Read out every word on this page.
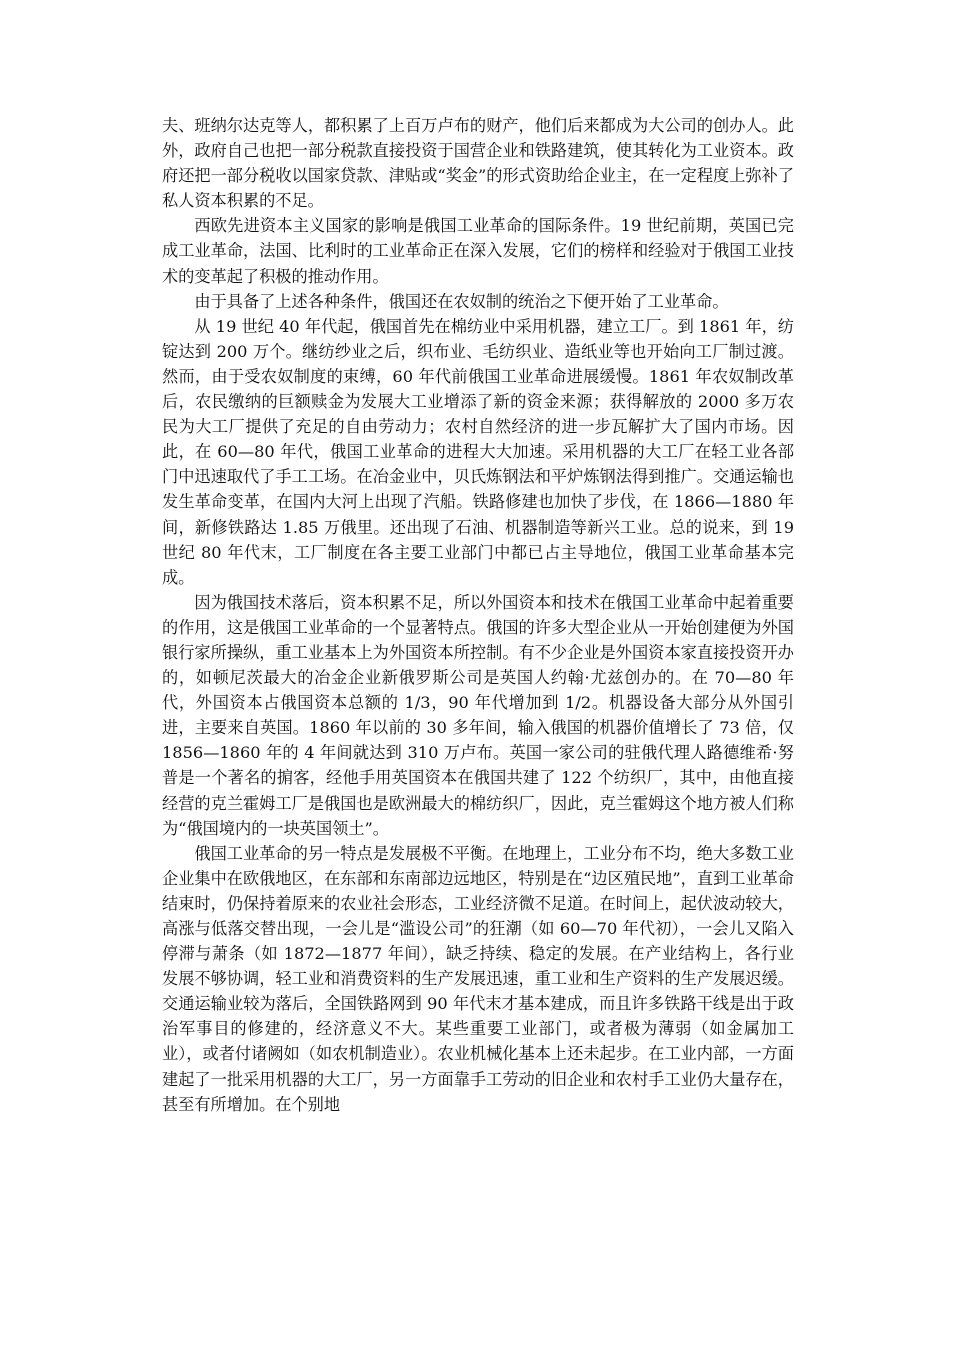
夫、班纳尔达克等人，都积累了上百万卢布的财产，他们后来都成为大公司的创办人。此外，政府自己也把一部分税款直接投资于国营企业和铁路建筑，使其转化为工业资本。政府还把一部分税收以国家贷款、津贴或“奖金”的形式资助给企业主，在一定程度上弥补了私人资本积累的不足。

西欧先进资本主义国家的影响是俄国工业革命的国际条件。19 世纪前期，英国已完成工业革命，法国、比利时的工业革命正在深入发展，它们的榜样和经验对于俄国工业技术的变革起了积极的推动作用。

由于具备了上述各种条件，俄国还在农奴制的统治之下便开始了工业革命。

从 19 世纪 40 年代起，俄国首先在棉纺业中采用机器，建立工厂。到 1861 年，纺锭达到 200 万个。继纺纱业之后，织布业、毛纺织业、造纸业等也开始向工厂制过渡。然而，由于受农奴制度的束缚，60 年代前俄国工业革命进展缓慢。1861 年农奴制改革后，农民缴纳的巨额赎金为发展大工业增添了新的资金来源；获得解放的 2000 多万农民为大工厂提供了充足的自由劳动力；农村自然经济的进一步瓦解扩大了国内市场。因此，在 60—80 年代，俄国工业革命的进程大大加速。采用机器的大工厂在轻工业各部门中迅速取代了手工工场。在冶金业中，贝氏炼钢法和平炉炼钢法得到推广。交通运输也发生革命变革，在国内大河上出现了汽船。铁路修建也加快了步伐，在 1866—1880 年间，新修铁路达 1.85 万俄里。还出现了石油、机器制造等新兴工业。总的说来，到 19 世纪 80 年代末，工厂制度在各主要工业部门中都已占主导地位，俄国工业革命基本完成。

因为俄国技术落后，资本积累不足，所以外国资本和技术在俄国工业革命中起着重要的作用，这是俄国工业革命的一个显著特点。俄国的许多大型企业从一开始创建便为外国银行家所操纵，重工业基本上为外国资本所控制。有不少企业是外国资本家直接投资开办的，如顿尼茨最大的冶金企业新俄罗斯公司是英国人约翰·尤兹创办的。在 70—80 年代，外国资本占俄国资本总额的 1/3，90 年代增加到 1/2。机器设备大部分从外国引进，主要来自英国。1860 年以前的 30 多年间，输入俄国的机器价值增长了 73 倍，仅 1856—1860 年的 4 年间就达到 310 万卢布。英国一家公司的驻俄代理人路德维希·努普是一个著名的掮客，经他手用英国资本在俄国共建了 122 个纺织厂，其中，由他直接经营的克兰霍姆工厂是俄国也是欧洲最大的棉纺织厂，因此，克兰霍姆这个地方被人们称为“俄国境内的一块英国领土”。

俄国工业革命的另一特点是发展极不平衡。在地理上，工业分布不均，绝大多数工业企业集中在欧俄地区，在东部和东南部边远地区，特别是在“边区殖民地”，直到工业革命结束时，仍保持着原来的农业社会形态，工业经济微不足道。在时间上，起伏波动较大，高涨与低落交替出现，一会儿是“滥设公司”的狂潮（如 60—70 年代初），一会儿又陷入停滞与萧条（如 1872—1877 年间），缺乏持续、稳定的发展。在产业结构上，各行业发展不够协调，轻工业和消费资料的生产发展迅速，重工业和生产资料的生产发展迟缓。交通运输业较为落后，全国铁路网到 90 年代末才基本建成，而且许多铁路干线是出于政治军事目的修建的，经济意义不大。某些重要工业部门，或者极为薄弱（如金属加工业），或者付诸阙如（如农机制造业）。农业机械化基本上还未起步。在工业内部，一方面建起了一批采用机器的大工厂，另一方面靠手工劳动的旧企业和农村手工业仍大量存在，甚至有所增加。在个别地
